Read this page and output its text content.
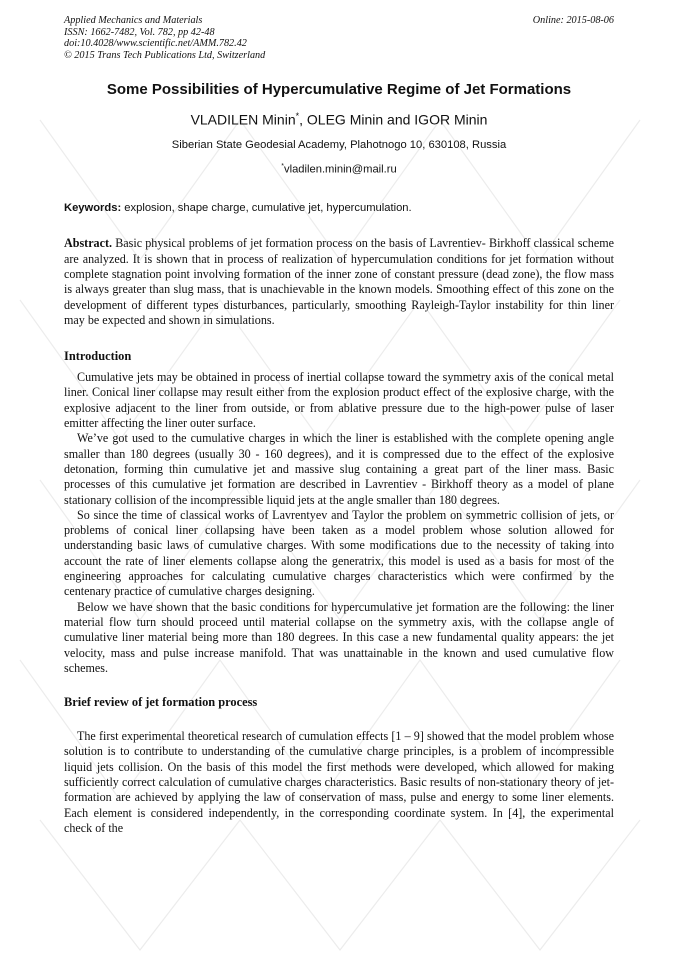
Applied Mechanics and Materials
ISSN: 1662-7482, Vol. 782, pp 42-48
doi:10.4028/www.scientific.net/AMM.782.42
© 2015 Trans Tech Publications Ltd, Switzerland
Online: 2015-08-06
Some Possibilities of Hypercumulative Regime of Jet Formations
VLADILEN Minin*, OLEG Minin and IGOR Minin
Siberian State Geodesial Academy, Plahotnogo 10, 630108, Russia
*vladilen.minin@mail.ru
Keywords: explosion, shape charge, cumulative jet, hypercumulation.

Abstract. Basic physical problems of jet formation process on the basis of Lavrentiev- Birkhoff classical scheme are analyzed. It is shown that in process of realization of hypercumulation conditions for jet formation without complete stagnation point involving formation of the inner zone of constant pressure (dead zone), the flow mass is always greater than slug mass, that is unachievable in the known models. Smoothing effect of this zone on the development of different types disturbances, particularly, smoothing Rayleigh-Taylor instability for thin liner may be expected and shown in simulations.

Introduction

Cumulative jets may be obtained in process of inertial collapse toward the symmetry axis of the conical metal liner. Conical liner collapse may result either from the explosion product effect of the explosive charge, with the explosive adjacent to the liner from outside, or from ablative pressure due to the high-power pulse of laser emitter affecting the liner outer surface.

We’ve got used to the cumulative charges in which the liner is established with the complete opening angle smaller than 180 degrees (usually 30 - 160 degrees), and it is compressed due to the effect of the explosive detonation, forming thin cumulative jet and massive slug containing a great part of the liner mass. Basic processes of this cumulative jet formation are described in Lavrentiev - Birkhoff theory as a model of plane stationary collision of the incompressible liquid jets at the angle smaller than 180 degrees.

So since the time of classical works of Lavrentyev and Taylor the problem on symmetric collision of jets, or problems of conical liner collapsing have been taken as a model problem whose solution allowed for understanding basic laws of cumulative charges. With some modifications due to the necessity of taking into account the rate of liner elements collapse along the generatrix, this model is used as a basis for most of the engineering approaches for calculating cumulative charges characteristics which were confirmed by the centenary practice of cumulative charges designing.

Below we have shown that the basic conditions for hypercumulative jet formation are the following: the liner material flow turn should proceed until material collapse on the symmetry axis, with the collapse angle of cumulative liner material being more than 180 degrees. In this case a new fundamental quality appears: the jet velocity, mass and pulse increase manifold. That was unattainable in the known and used cumulative flow schemes.

Brief review of jet formation process

The first experimental theoretical research of cumulation effects [1 – 9] showed that the model problem whose solution is to contribute to understanding of the cumulative charge principles, is a problem of incompressible liquid jets collision. On the basis of this model the first methods were developed, which allowed for making sufficiently correct calculation of cumulative charges characteristics. Basic results of non-stationary theory of jet-formation are achieved by applying the law of conservation of mass, pulse and energy to some liner elements. Each element is considered independently, in the corresponding coordinate system. In [4], the experimental check of the
